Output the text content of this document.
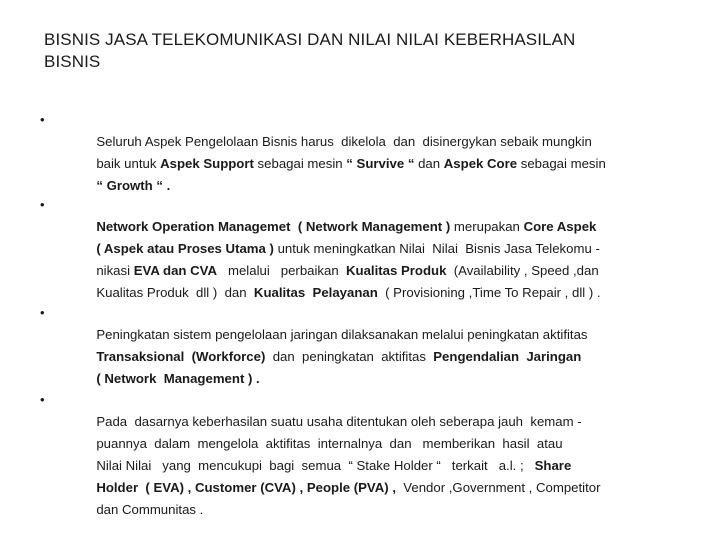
BISNIS JASA TELEKOMUNIKASI DAN NILAI NILAI KEBERHASILAN
BISNIS
•

Seluruh Aspek Pengelolaan Bisnis harus  dikelola  dan  disinergykan sebaik mungkin

baik untuk Aspek Support sebagai mesin “ Survive “ dan Aspek Core sebagai mesin

“ Growth “ .

•

Network Operation Managemet  ( Network Management ) merupakan Core Aspek

( Aspek atau Proses Utama ) untuk meningkatkan Nilai  Nilai  Bisnis Jasa Telekomu -

nikasi EVA dan CVA   melalui   perbaikan  Kualitas Produk  (Availability , Speed ,dan

Kualitas Produk  dll )  dan  Kualitas  Pelayanan  ( Provisioning ,Time To Repair , dll ) .

•

Peningkatan sistem pengelolaan jaringan dilaksanakan melalui peningkatan aktifitas

Transaksional  (Workforce)  dan  peningkatan  aktifitas  Pengendalian  Jaringan

( Network  Management ) .

•

Pada  dasarnya keberhasilan suatu usaha ditentukan oleh seberapa jauh  kemam -

puannya  dalam  mengelola  aktifitas  internalnya  dan   memberikan  hasil  atau

Nilai Nilai   yang  mencukupi  bagi  semua  “ Stake Holder “   terkait   a.l. ;   Share

Holder  ( EVA) , Customer (CVA) , People (PVA) ,  Vendor ,Government , Competitor

dan Communitas .
